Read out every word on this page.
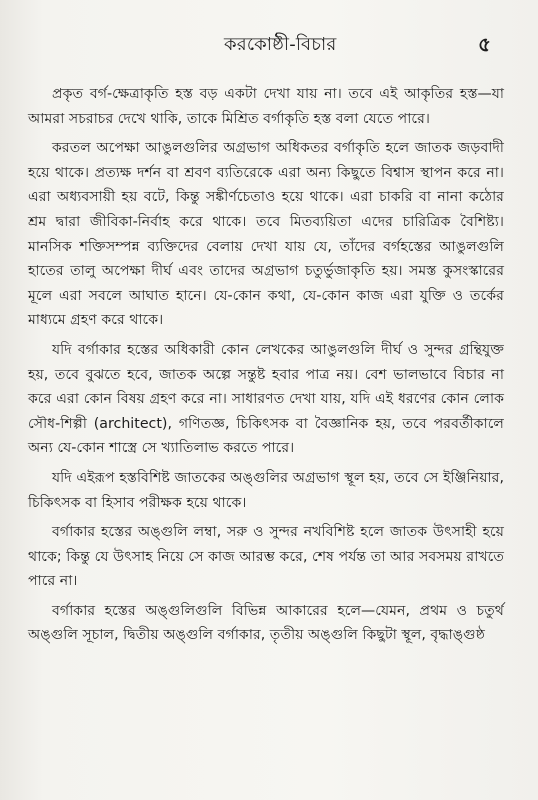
করকোষ্ঠী-বিচার	৫

প্রকৃত বর্গ-ক্ষেত্রাকৃতি হস্ত বড় একটা দেখা যায় না। তবে এই আকৃতির হস্ত—যা আমরা সচরাচর দেখে থাকি, তাকে মিশ্রিত বর্গাকৃতি হস্ত বলা যেতে পারে।

করতল অপেক্ষা আঙুলগুলির অগ্রভাগ অধিকতর বর্গাকৃতি হলে জাতক জড়বাদী হয়ে থাকে। প্রত্যক্ষ দর্শন বা শ্রবণ ব্যতিরেকে এরা অন্য কিছুতে বিশ্বাস স্থাপন করে না। এরা অধ্যবসায়ী হয় বটে, কিন্তু সঙ্কীর্ণচেতাও হয়ে থাকে। এরা চাকরি বা নানা কঠোর শ্রম দ্বারা জীবিকা-নির্বাহ করে থাকে। তবে মিতব্যয়িতা এদের চারিত্রিক বৈশিষ্ট্য। মানসিক শক্তিসম্পন্ন ব্যক্তিদের বেলায় দেখা যায় যে, তাঁদের বর্গহস্তের আঙুলগুলি হাতের তালু অপেক্ষা দীর্ঘ এবং তাদের অগ্রভাগ চতুর্ভুজাকৃতি হয়। সমস্ত কুসংস্কারের মূলে এরা সবলে আঘাত হানে। যে-কোন কথা, যে-কোন কাজ এরা যুক্তি ও তর্কের মাধ্যমে গ্রহণ করে থাকে।

যদি বর্গাকার হস্তের অধিকারী কোন লেখকের আঙুলগুলি দীর্ঘ ও সুন্দর গ্রন্থিযুক্ত হয়, তবে বুঝতে হবে, জাতক অল্পে সন্তুষ্ট হবার পাত্র নয়। বেশ ভালভাবে বিচার না করে এরা কোন বিষয় গ্রহণ করে না। সাধারণত দেখা যায়, যদি এই ধরণের কোন লোক সৌধ-শিল্পী (architect), গণিতজ্ঞ, চিকিৎসক বা বৈজ্ঞানিক হয়, তবে পরবর্তীকালে অন্য যে-কোন শাস্ত্রে সে খ্যাতিলাভ করতে পারে।

যদি এইরূপ হস্তবিশিষ্ট জাতকের অঙ্গুলির অগ্রভাগ স্থূল হয়, তবে সে ইঞ্জিনিয়ার, চিকিৎসক বা হিসাব পরীক্ষক হয়ে থাকে।

বর্গাকার হস্তের অঙ্গুলি লম্বা, সরু ও সুন্দর নখবিশিষ্ট হলে জাতক উৎসাহী হয়ে থাকে; কিন্তু যে উৎসাহ নিয়ে সে কাজ আরম্ভ করে, শেষ পর্যন্ত তা আর সবসময় রাখতে পারে না।

বর্গাকার হস্তের অঙ্গুলিগুলি বিভিন্ন আকারের হলে—যেমন, প্রথম ও চতুর্থ অঙ্গুলি সূচাল, দ্বিতীয় অঙ্গুলি বর্গাকার, তৃতীয় অঙ্গুলি কিছুটা স্থূল, বৃদ্ধাঙ্গুষ্ঠ
